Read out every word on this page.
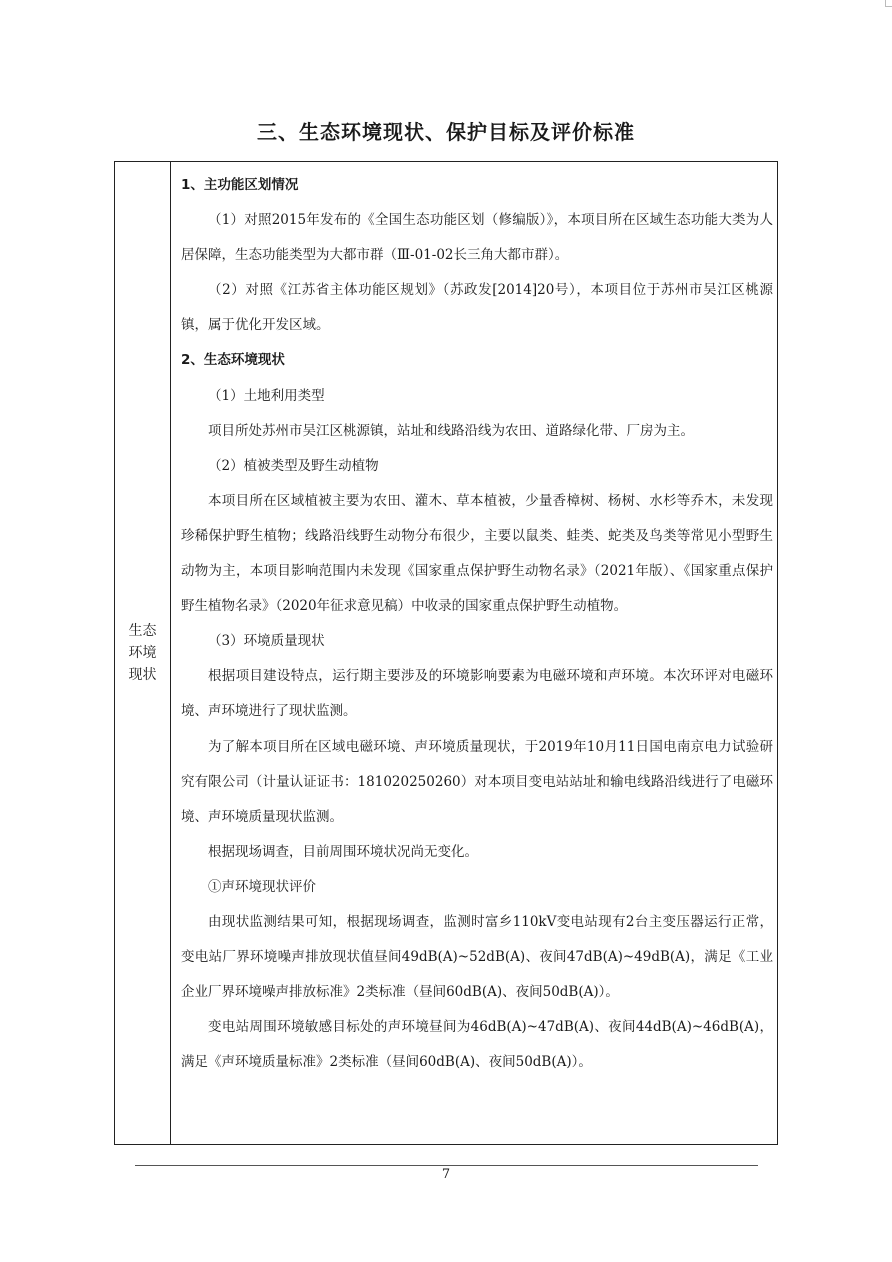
三、生态环境现状、保护目标及评价标准
生态环境现状

1、主功能区划情况

（1）对照2015年发布的《全国生态功能区划（修编版）》，本项目所在区域生态功能大类为人居保障，生态功能类型为大都市群（Ⅲ-01-02长三角大都市群）。

（2）对照《江苏省主体功能区规划》（苏政发[2014]20号），本项目位于苏州市吴江区桃源镇，属于优化开发区域。

2、生态环境现状

（1）土地利用类型

项目所处苏州市吴江区桃源镇，站址和线路沿线为农田、道路绿化带、厂房为主。

（2）植被类型及野生动植物

本项目所在区域植被主要为农田、灌木、草本植被，少量香樟树、杨树、水杉等乔木，未发现珍稀保护野生植物；线路沿线野生动物分布很少，主要以鼠类、蛙类、蛇类及鸟类等常见小型野生动物为主，本项目影响范围内未发现《国家重点保护野生动物名录》（2021年版）、《国家重点保护野生植物名录》（2020年征求意见稿）中收录的国家重点保护野生动植物。

（3）环境质量现状

根据项目建设特点，运行期主要涉及的环境影响要素为电磁环境和声环境。本次环评对电磁环境、声环境进行了现状监测。

为了解本项目所在区域电磁环境、声环境质量现状，于2019年10月11日国电南京电力试验研究有限公司（计量认证证书：181020250260）对本项目变电站站址和输电线路沿线进行了电磁环境、声环境质量现状监测。

根据现场调查，目前周围环境状况尚无变化。

①声环境现状评价

由现状监测结果可知，根据现场调查，监测时富乡110kV变电站现有2台主变压器运行正常，变电站厂界环境噪声排放现状值昼间49dB(A)~52dB(A)、夜间47dB(A)~49dB(A)，满足《工业企业厂界环境噪声排放标准》2类标准（昼间60dB(A)、夜间50dB(A)）。

变电站周围环境敏感目标处的声环境昼间为46dB(A)~47dB(A)、夜间44dB(A)~46dB(A)，满足《声环境质量标准》2类标准（昼间60dB(A)、夜间50dB(A)）。

7
